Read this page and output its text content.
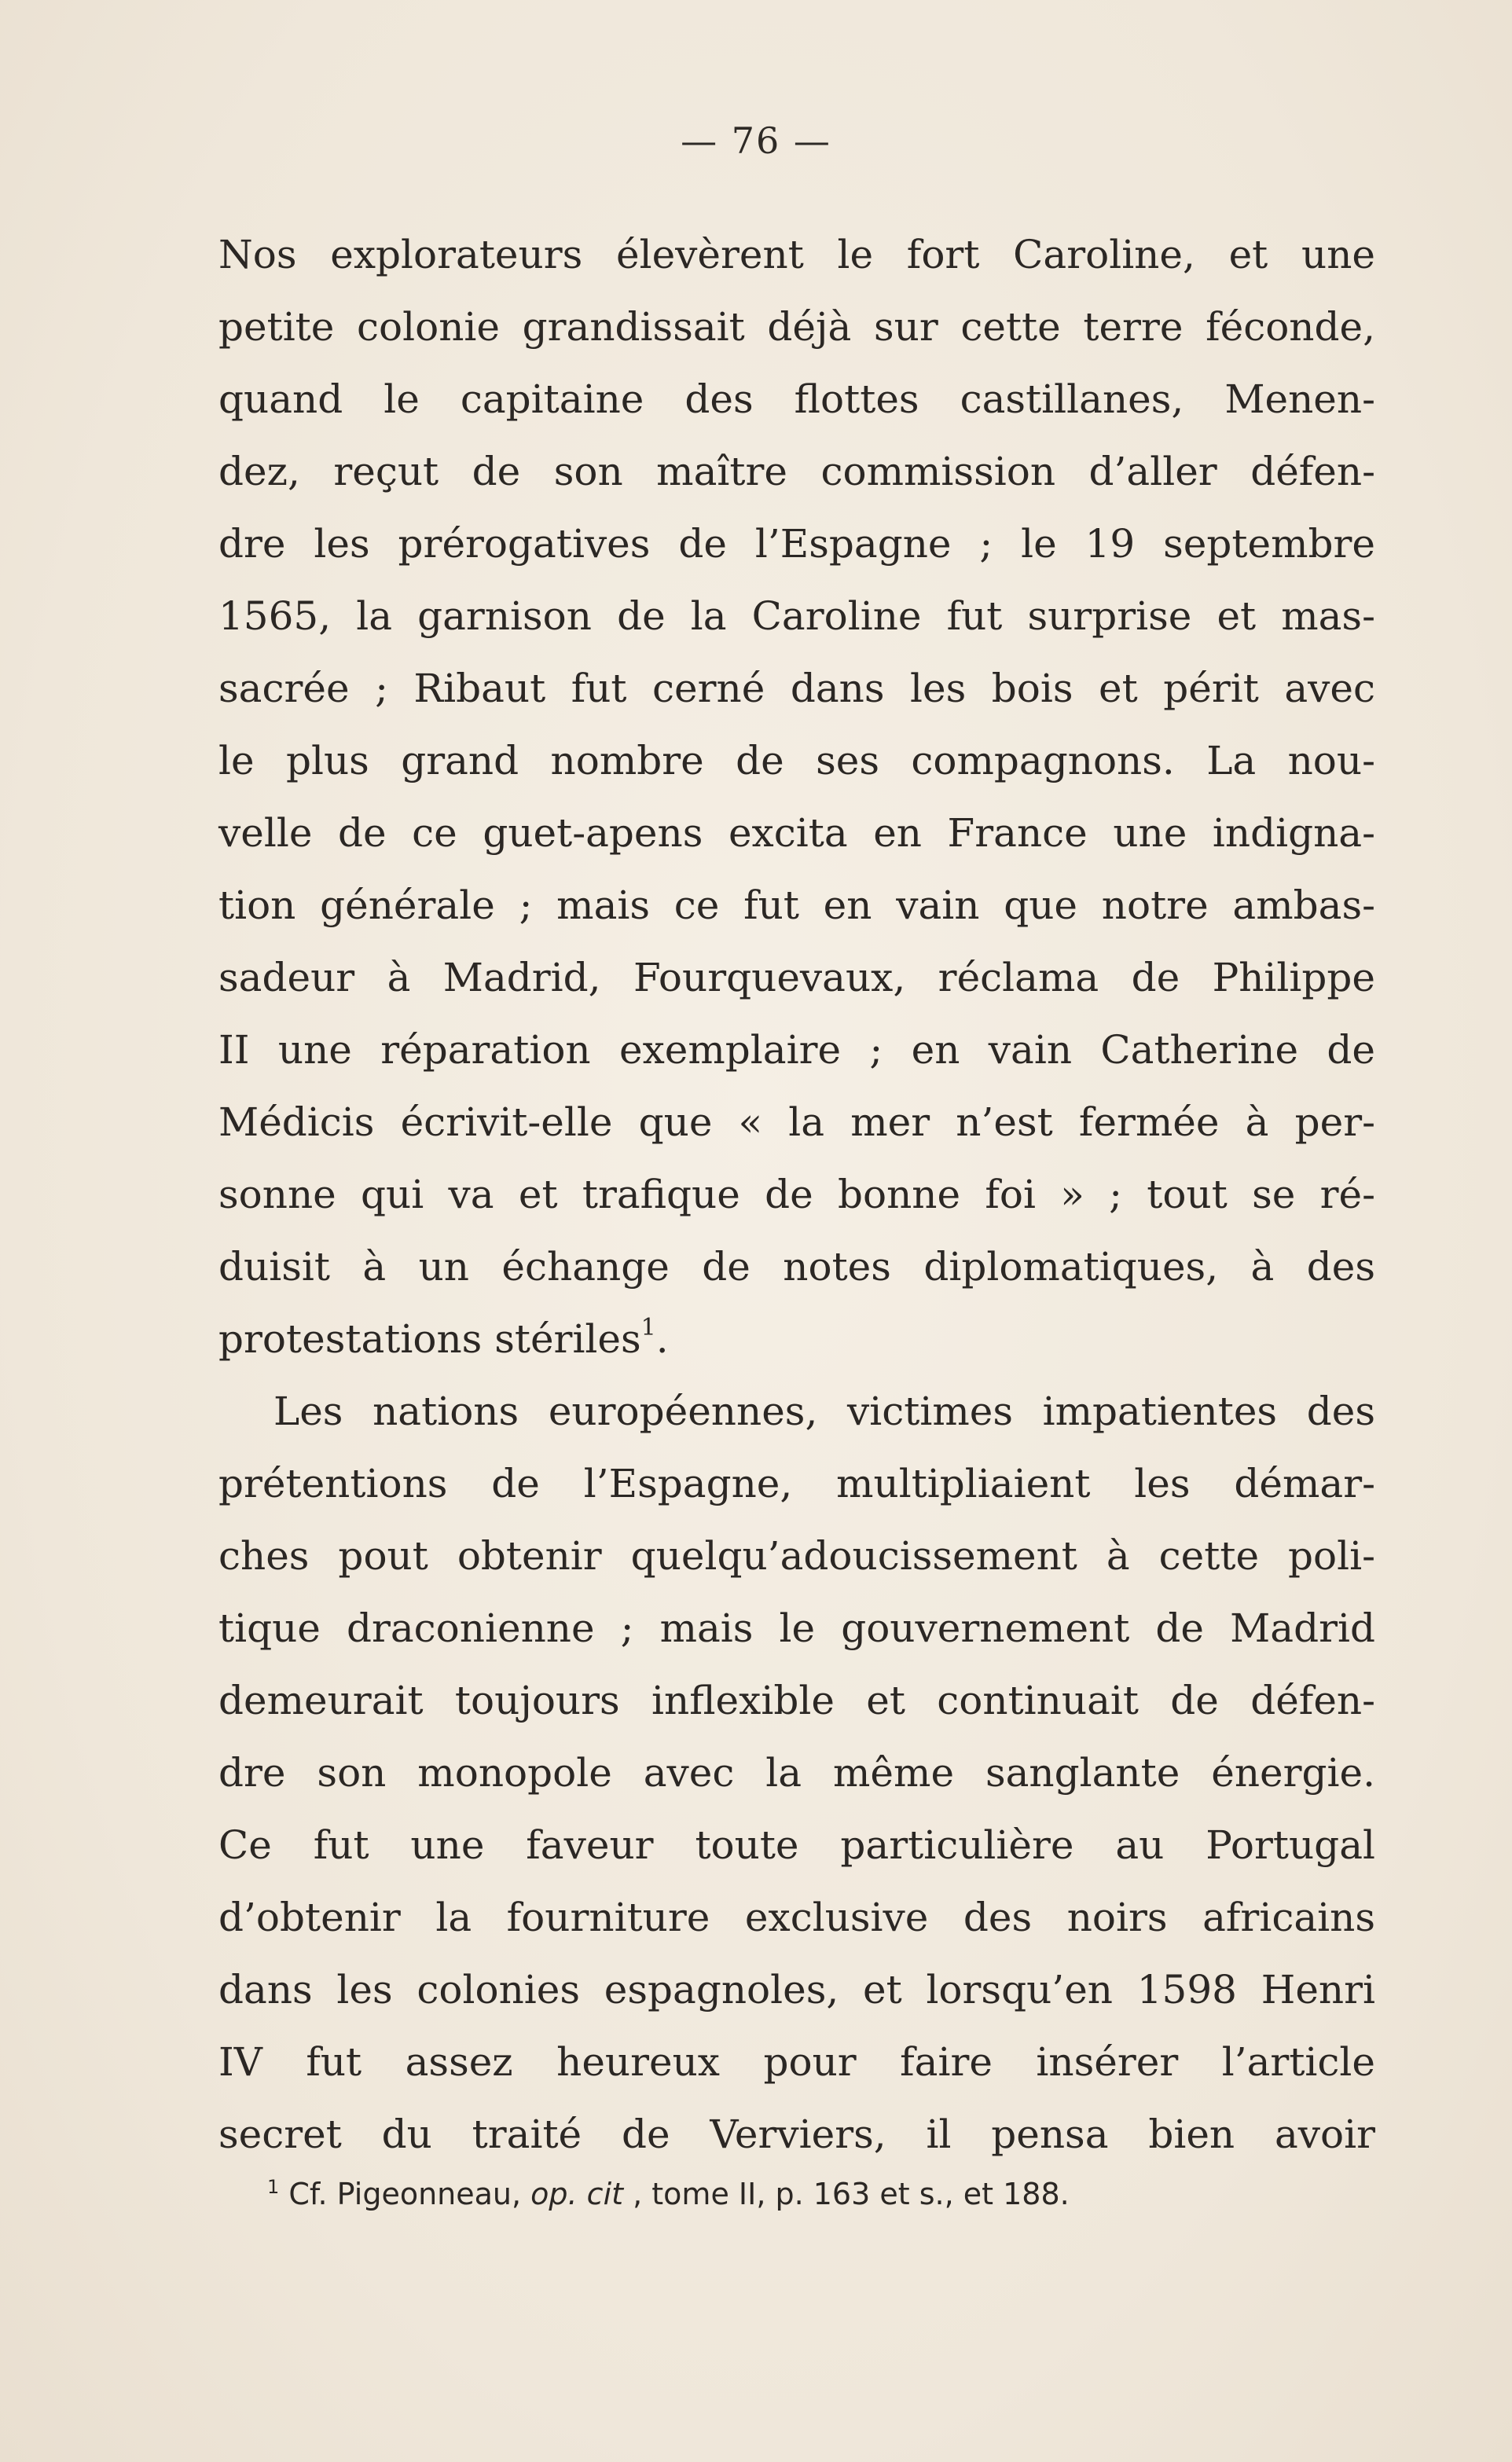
— 76 —
Nos explorateurs élevèrent le fort Caroline, et une
petite colonie grandissait déjà sur cette terre féconde,
quand le capitaine des flottes castillanes, Menen-
dez, reçut de son maître commission d’aller défen-
dre les prérogatives de l’Espagne ; le 19 septembre
1565, la garnison de la Caroline fut surprise et mas-
sacrée ; Ribaut fut cerné dans les bois et périt avec
le plus grand nombre de ses compagnons. La nou-
velle de ce guet-apens excita en France une indigna-
tion générale ; mais ce fut en vain que notre ambas-
sadeur à Madrid, Fourquevaux, réclama de Philippe
II une réparation exemplaire ; en vain Catherine de
Médicis écrivit-elle que « la mer n’est fermée à per-
sonne qui va et trafique de bonne foi » ; tout se ré-
duisit à un échange de notes diplomatiques, à des
protestations stériles$^1$.
Les nations européennes, victimes impatientes des
prétentions de l’Espagne, multipliaient les démar-
ches pout obtenir quelqu’adoucissement à cette poli-
tique draconienne ; mais le gouvernement de Madrid
demeurait toujours inflexible et continuait de défen-
dre son monopole avec la même sanglante énergie.
Ce fut une faveur toute particulière au Portugal
d’obtenir la fourniture exclusive des noirs africains
dans les colonies espagnoles, et lorsqu’en 1598 Henri
IV fut assez heureux pour faire insérer l’article
secret du traité de Verviers, il pensa bien avoir
$^1$ Cf. Pigeonneau, op. cit , tome II, p. 163 et s., et 188.
